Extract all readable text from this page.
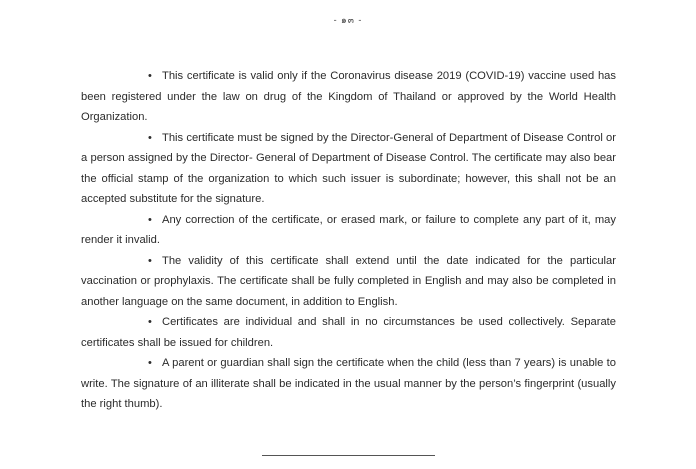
- ๑๓ -

• This certificate is valid only if the Coronavirus disease 2019 (COVID-19) vaccine used has been registered under the law on drug of the Kingdom of Thailand or approved by the World Health Organization.

• This certificate must be signed by the Director-General of Department of Disease Control or a person assigned by the Director- General of Department of Disease Control. The certificate may also bear the official stamp of the organization to which such issuer is subordinate; however, this shall not be an accepted substitute for the signature.

• Any correction of the certificate, or erased mark, or failure to complete any part of it, may render it invalid.

• The validity of this certificate shall extend until the date indicated for the particular vaccination or prophylaxis. The certificate shall be fully completed in English and may also be completed in another language on the same document, in addition to English.

• Certificates are individual and shall in no circumstances be used collectively. Separate certificates shall be issued for children.

• A parent or guardian shall sign the certificate when the child (less than 7 years) is unable to write. The signature of an illiterate shall be indicated in the usual manner by the person’s fingerprint (usually the right thumb).
